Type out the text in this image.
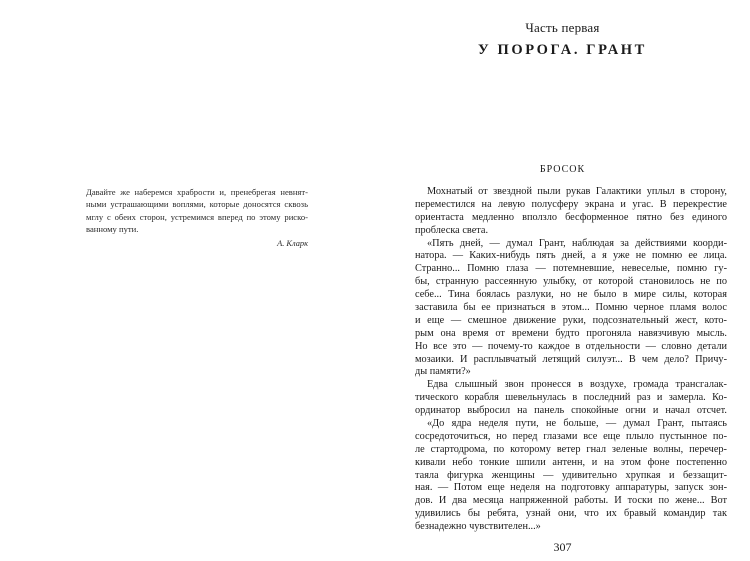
Давайте же наберемся храбрости и, пренебрегая невнят-
ными устрашающими воплями, которые доносятся сквозь
мглу с обеих сторон, устремимся вперед по этому риско-
ванному пути.
А. Кларк
Часть первая
У ПОРОГА. ГРАНТ
БРОСОК
Мохнатый от звездной пыли рукав Галактики уплыл в сторону,
переместился на левую полусферу экрана и угас. В перекрестие
ориентаста медленно вползло бесформенное пятно без единого
проблеска света.
«Пять дней, — думал Грант, наблюдая за действиями коорди-
натора. — Каких-нибудь пять дней, а я уже не помню ее лица.
Странно... Помню глаза — потемневшие, невеселые, помню гу-
бы, странную рассеянную улыбку, от которой становилось не по
себе... Тина боялась разлуки, но не было в мире силы, которая
заставила бы ее признаться в этом... Помню черное пламя волос
и еще — смешное движение руки, подсознательный жест, кото-
рым она время от времени будто прогоняла навязчивую мысль.
Но все это — почему-то каждое в отдельности — словно детали
мозаики. И расплывчатый летящий силуэт... В чем дело? Причу-
ды памяти?»
Едва слышный звон пронесся в воздухе, громада трансгалак-
тического корабля шевельнулась в последний раз и замерла. Ко-
ординатор выбросил на панель спокойные огни и начал отсчет.
«До ядра неделя пути, не больше, — думал Грант, пытаясь
сосредоточиться, но перед глазами все еще плыло пустынное по-
ле стартодрома, по которому ветер гнал зеленые волны, перечер-
кивали небо тонкие шпили антенн, и на этом фоне постепенно
таяла фигурка женщины — удивительно хрупкая и беззащит-
ная. — Потом еще неделя на подготовку аппаратуры, запуск зон-
дов. И два месяца напряженной работы. И тоски по жене... Вот
удивились бы ребята, узнай они, что их бравый командир так
безнадежно чувствителен...»
307
